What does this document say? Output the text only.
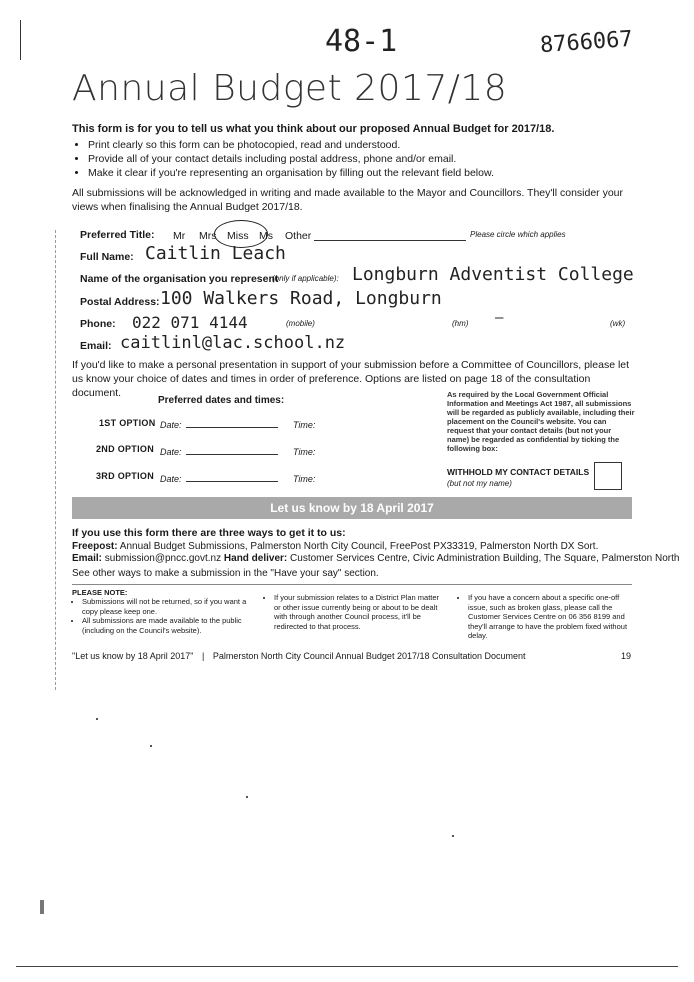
48-1	8766067
Annual Budget 2017/18
This form is for you to tell us what you think about our proposed Annual Budget for 2017/18.
• Print clearly so this form can be photocopied, read and understood.
• Provide all of your contact details including postal address, phone and/or email.
• Make it clear if you're representing an organisation by filling out the relevant field below.
All submissions will be acknowledged in writing and made available to the Mayor and Councillors. They'll consider your views when finalising the Annual Budget 2017/18.
Preferred Title: Mr Mrs Miss Ms Other	Please circle which applies
Full Name: Caitlin Leach
Name of the organisation you represent
(only if applicable): Longburn Adventist College
Postal Address: 100 Walkers Road, Longburn
Phone: 022 071 4144	(mobile)	(hm) —	(wk)
Email: caitlinl@lac.school.nz
If you'd like to make a personal presentation in support of your submission before a Committee of Councillors, please let us know your choice of dates and times in order of preference. Options are listed on page 18 of the consultation document.
Preferred dates and times:
1ST OPTION Date:	Time:
2ND OPTION Date:	Time:
3RD OPTION Date:	Time:
As required by the Local Government Official Information and Meetings Act 1987, all submissions will be regarded as publicly available, including their placement on the Council's website. You can request that your contact details (but not your name) be regarded as confidential by ticking the following box:
WITHHOLD MY CONTACT DETAILS
(but not my name)
Let us know by 18 April 2017
If you use this form there are three ways to get it to us:
Freepost: Annual Budget Submissions, Palmerston North City Council, FreePost PX33319, Palmerston North DX Sort.
Email: submission@pncc.govt.nz Hand deliver: Customer Services Centre, Civic Administration Building, The Square, Palmerston North
See other ways to make a submission in the "Have your say" section.
PLEASE NOTE:
• Submissions will not be returned, so if you want a copy please keep one.
• All submissions are made available to the public (including on the Council's website).
• If your submission relates to a District Plan matter or other issue currently being or about to be dealt with through another Council process, it'll be redirected to that process.
• If you have a concern about a specific one-off issue, such as broken glass, please call the Customer Services Centre on 06 356 8199 and they'll arrange to have the problem fixed without delay.
"Let us know by 18 April 2017" | Palmerston North City Council Annual Budget 2017/18 Consultation Document	19
